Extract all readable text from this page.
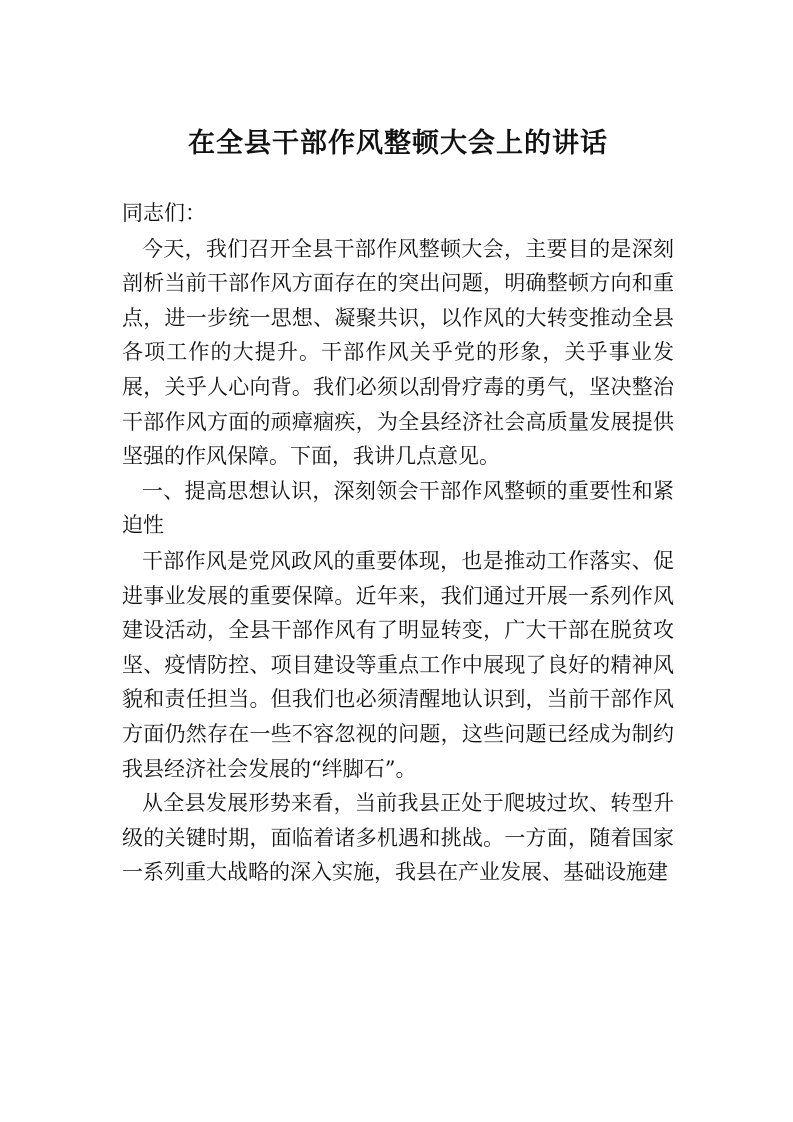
在全县干部作风整顿大会上的讲话

同志们：

今天，我们召开全县干部作风整顿大会，主要目的是深刻剖析当前干部作风方面存在的突出问题，明确整顿方向和重点，进一步统一思想、凝聚共识，以作风的大转变推动全县各项工作的大提升。干部作风关乎党的形象，关乎事业发展，关乎人心向背。我们必须以刮骨疗毒的勇气，坚决整治干部作风方面的顽瘴痼疾，为全县经济社会高质量发展提供坚强的作风保障。下面，我讲几点意见。

一、提高思想认识，深刻领会干部作风整顿的重要性和紧迫性

干部作风是党风政风的重要体现，也是推动工作落实、促进事业发展的重要保障。近年来，我们通过开展一系列作风建设活动，全县干部作风有了明显转变，广大干部在脱贫攻坚、疫情防控、项目建设等重点工作中展现了良好的精神风貌和责任担当。但我们也必须清醒地认识到，当前干部作风方面仍然存在一些不容忽视的问题，这些问题已经成为制约我县经济社会发展的“绊脚石”。

从全县发展形势来看，当前我县正处于爬坡过坎、转型升级的关键时期，面临着诸多机遇和挑战。一方面，随着国家一系列重大战略的深入实施，我县在产业发展、基础设施建
